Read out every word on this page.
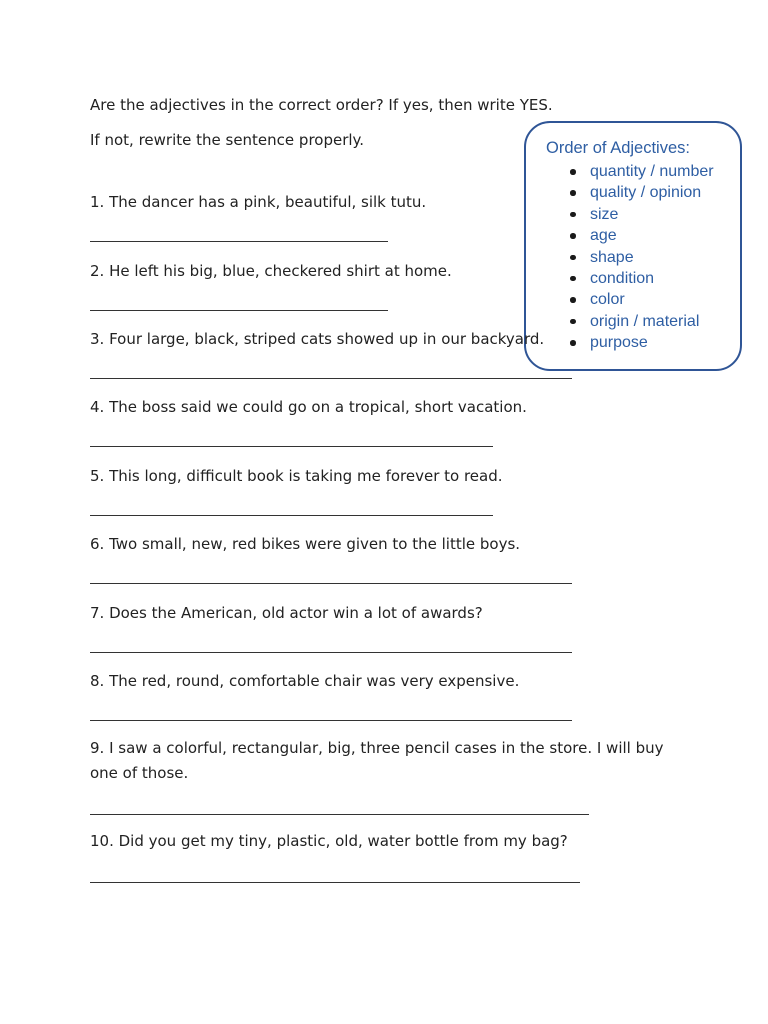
Are the adjectives in the correct order? If yes, then write YES.
If not, rewrite the sentence properly.	Order of Adjectives:
quantity / number
quality / opinion
size
age
shape
condition
color
origin / material
purpose
1. The dancer has a pink, beautiful, silk tutu.
2. He left his big, blue, checkered shirt at home.
3. Four large, black, striped cats showed up in our backyard.
4. The boss said we could go on a tropical, short vacation.
5. This long, difficult book is taking me forever to read.
6. Two small, new, red bikes were given to the little boys.
7. Does the American, old actor win a lot of awards?
8. The red, round, comfortable chair was very expensive.
9. I saw a colorful, rectangular, big, three pencil cases in the store. I will buy one of those.
10. Did you get my tiny, plastic, old, water bottle from my bag?
